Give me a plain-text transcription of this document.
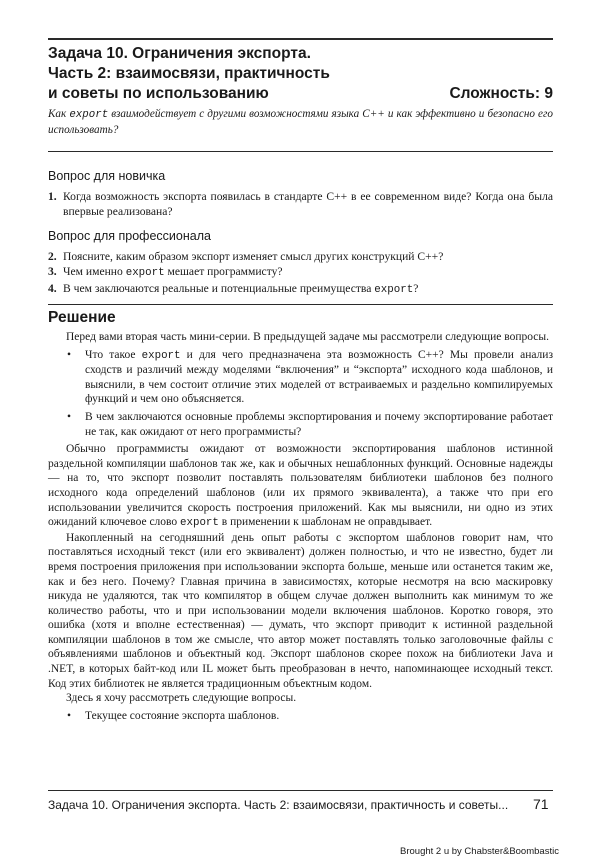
Задача 10. Ограничения экспорта.
Часть 2: взаимосвязи, практичность
и советы по использованию	Сложность: 9
Как export взаимодействует с другими возможностями языка C++ и как эффективно и безопасно его использовать?
Вопрос для новичка
1. Когда возможность экспорта появилась в стандарте C++ в ее современном виде? Когда она была впервые реализована?
Вопрос для профессионала
2. Поясните, каким образом экспорт изменяет смысл других конструкций C++?
3. Чем именно export мешает программисту?
4. В чем заключаются реальные и потенциальные преимущества export?
Решение

Перед вами вторая часть мини-серии. В предыдущей задаче мы рассмотрели следующие вопросы.

• Что такое export и для чего предназначена эта возможность C++? Мы провели анализ сходств и различий между моделями “включения” и “экспорта” исходного кода шаблонов, и выяснили, в чем состоит отличие этих моделей от встраиваемых и раздельно компилируемых функций и чем оно объясняется.
• В чем заключаются основные проблемы экспортирования и почему экспортирование работает не так, как ожидают от него программисты?

Обычно программисты ожидают от возможности экспортирования шаблонов истинной раздельной компиляции шаблонов так же, как и обычных нешаблонных функций. Основные надежды — на то, что экспорт позволит поставлять пользователям библиотеки шаблонов без полного исходного кода определений шаблонов (или их прямого эквивалента), а также что при его использовании увеличится скорость построения приложений. Как мы выяснили, ни одно из этих ожиданий ключевое слово export в применении к шаблонам не оправдывает.

Накопленный на сегодняшний день опыт работы с экспортом шаблонов говорит нам, что поставляться исходный текст (или его эквивалент) должен полностью, и что не известно, будет ли время построения приложения при использовании экспорта больше, меньше или останется таким же, как и без него. Почему? Главная причина в зависимостях, которые несмотря на всю маскировку никуда не удаляются, так что компилятор в общем случае должен выполнить как минимум то же количество работы, что и при использовании модели включения шаблонов. Коротко говоря, это ошибка (хотя и вполне естественная) — думать, что экспорт приводит к истинной раздельной компиляции шаблонов в том же смысле, что автор может поставлять только заголовочные файлы с объявлениями шаблонов и объектный код. Экспорт шаблонов скорее похож на библиотеки Java и .NET, в которых байт-код или IL может быть преобразован в нечто, напоминающее исходный текст. Код этих библиотек не является традиционным объектным кодом.

Здесь я хочу рассмотреть следующие вопросы.

• Текущее состояние экспорта шаблонов.
Задача 10. Ограничения экспорта. Часть 2: взаимосвязи, практичность и советы... 71
Brought 2 u by Chabster&Boombastic
